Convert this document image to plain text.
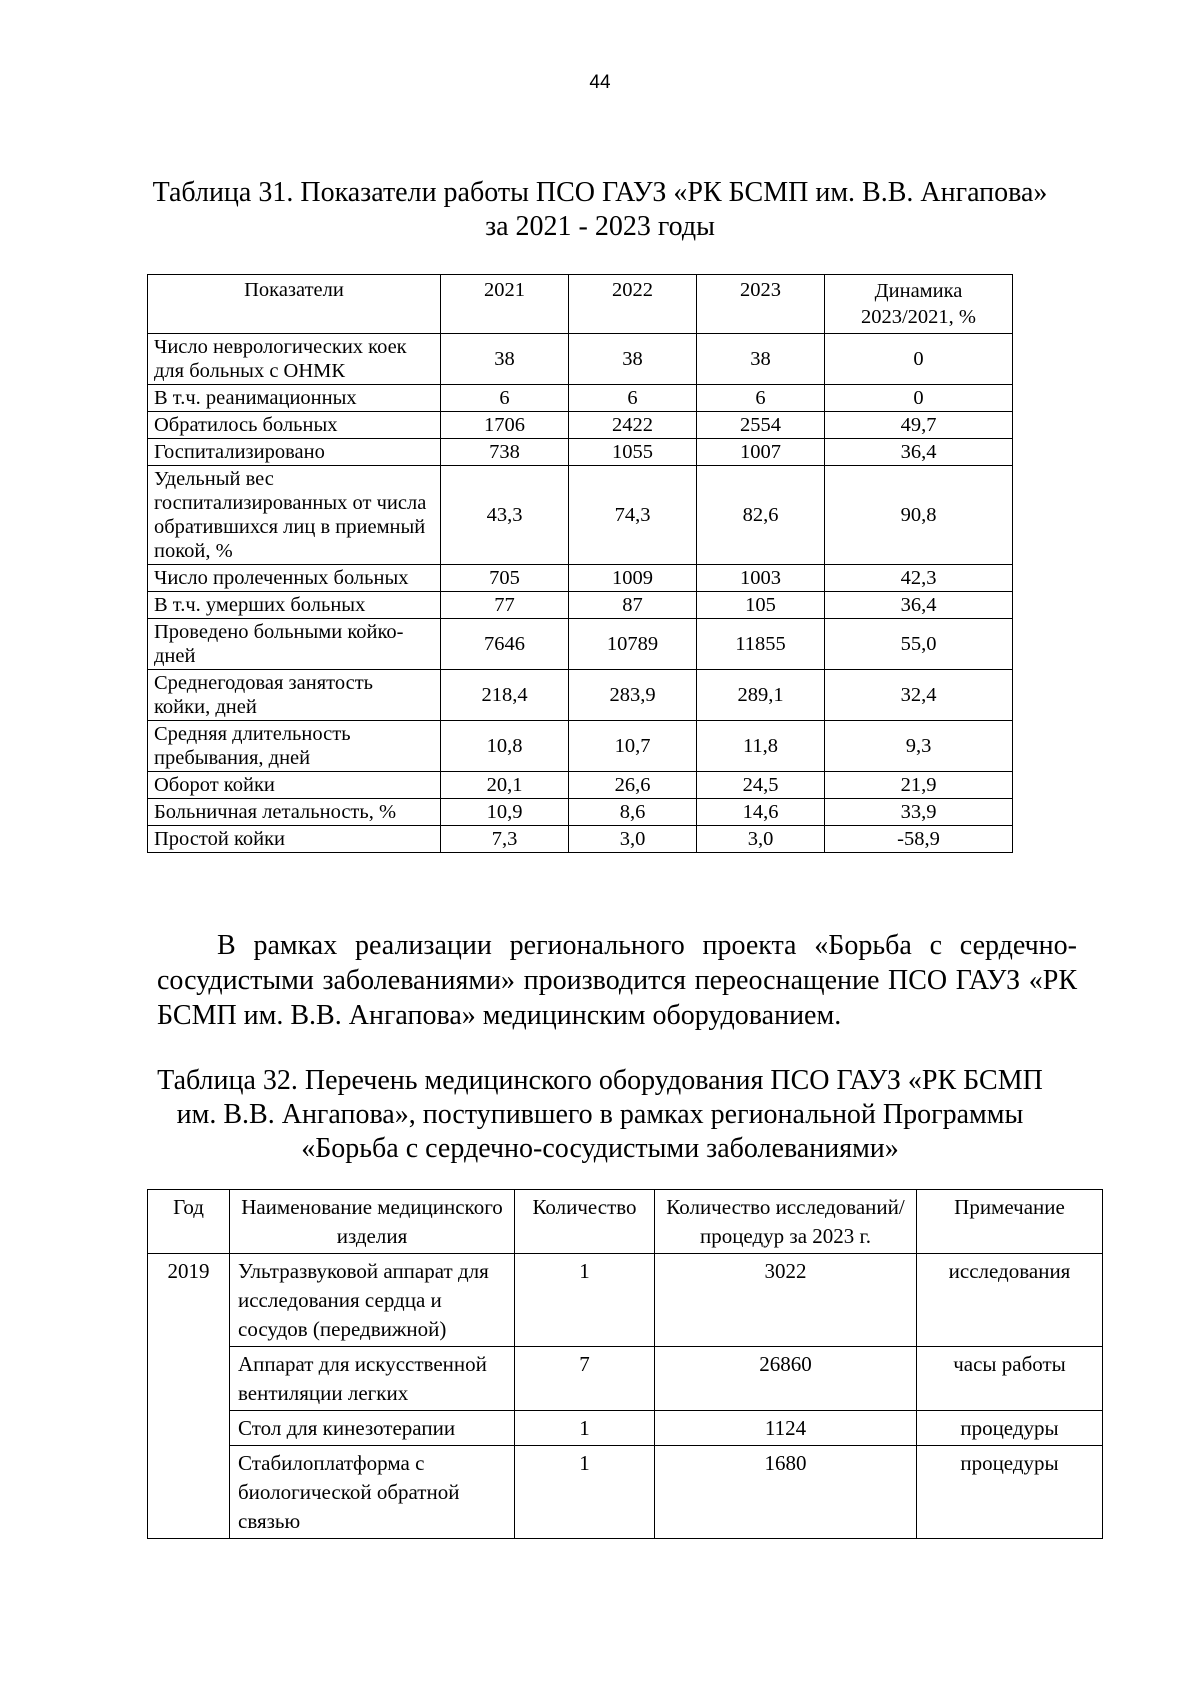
44
Таблица 31. Показатели работы ПСО ГАУЗ «РК БСМП им. В.В. Ангапова»
за 2021 - 2023 годы
Показатели	2021	2022	2023	Динамика 2023/2021, %
Число неврологических коек для больных с ОНМК	38	38	38	0
В т.ч. реанимационных	6	6	6	0
Обратилось больных	1706	2422	2554	49,7
Госпитализировано	738	1055	1007	36,4
Удельный вес госпитализированных от числа обратившихся лиц в приемный покой, %	43,3	74,3	82,6	90,8
Число пролеченных больных	705	1009	1003	42,3
В т.ч. умерших больных	77	87	105	36,4
Проведено больными койко-дней	7646	10789	11855	55,0
Среднегодовая занятость койки, дней	218,4	283,9	289,1	32,4
Средняя длительность пребывания, дней	10,8	10,7	11,8	9,3
Оборот койки	20,1	26,6	24,5	21,9
Больничная летальность, %	10,9	8,6	14,6	33,9
Простой койки	7,3	3,0	3,0	-58,9
В рамках реализации регионального проекта «Борьба с сердечно-сосудистыми заболеваниями» производится переоснащение ПСО ГАУЗ «РК БСМП им. В.В. Ангапова» медицинским оборудованием.
Таблица 32. Перечень медицинского оборудования ПСО ГАУЗ «РК БСМП
им. В.В. Ангапова», поступившего в рамках региональной Программы
«Борьба с сердечно-сосудистыми заболеваниями»
Год	Наименование медицинского изделия	Количество	Количество исследований/ процедур за 2023 г.	Примечание
2019	Ультразвуковой аппарат для исследования сердца и сосудов (передвижной)	1	3022	исследования
	Аппарат для искусственной вентиляции легких	7	26860	часы работы
	Стол для кинезотерапии	1	1124	процедуры
	Стабилоплатформа с биологической обратной связью	1	1680	процедуры
